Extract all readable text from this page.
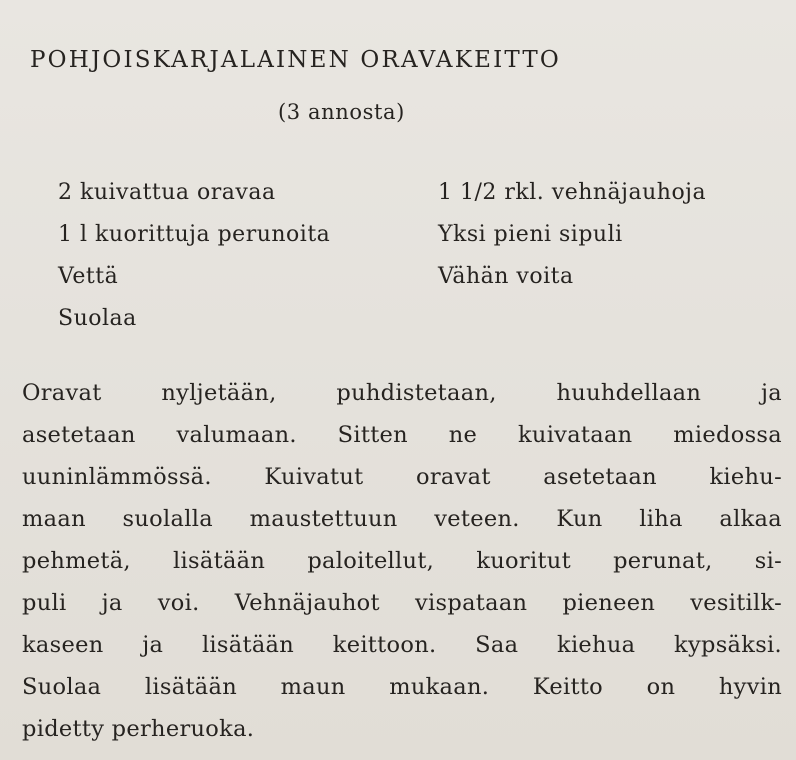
POHJOISKARJALAINEN ORAVAKEITTO
(3 annosta)
2 kuivattua oravaa
1 l kuorittuja perunoita
Vettä
Suolaa
1 1/2 rkl. vehnäjauhoja
Yksi pieni sipuli
Vähän voita
Oravat nyljetään, puhdistetaan, huuhdellaan ja
asetetaan valumaan. Sitten ne kuivataan miedossa
uuninlämmössä. Kuivatut oravat asetetaan kiehu-
maan suolalla maustettuun veteen. Kun liha alkaa
pehmetä, lisätään paloitellut, kuoritut perunat, si-
puli ja voi. Vehnäjauhot vispataan pieneen vesitilk-
kaseen ja lisätään keittoon. Saa kiehua kypsäksi.
Suolaa lisätään maun mukaan. Keitto on hyvin
pidetty perheruoka.
